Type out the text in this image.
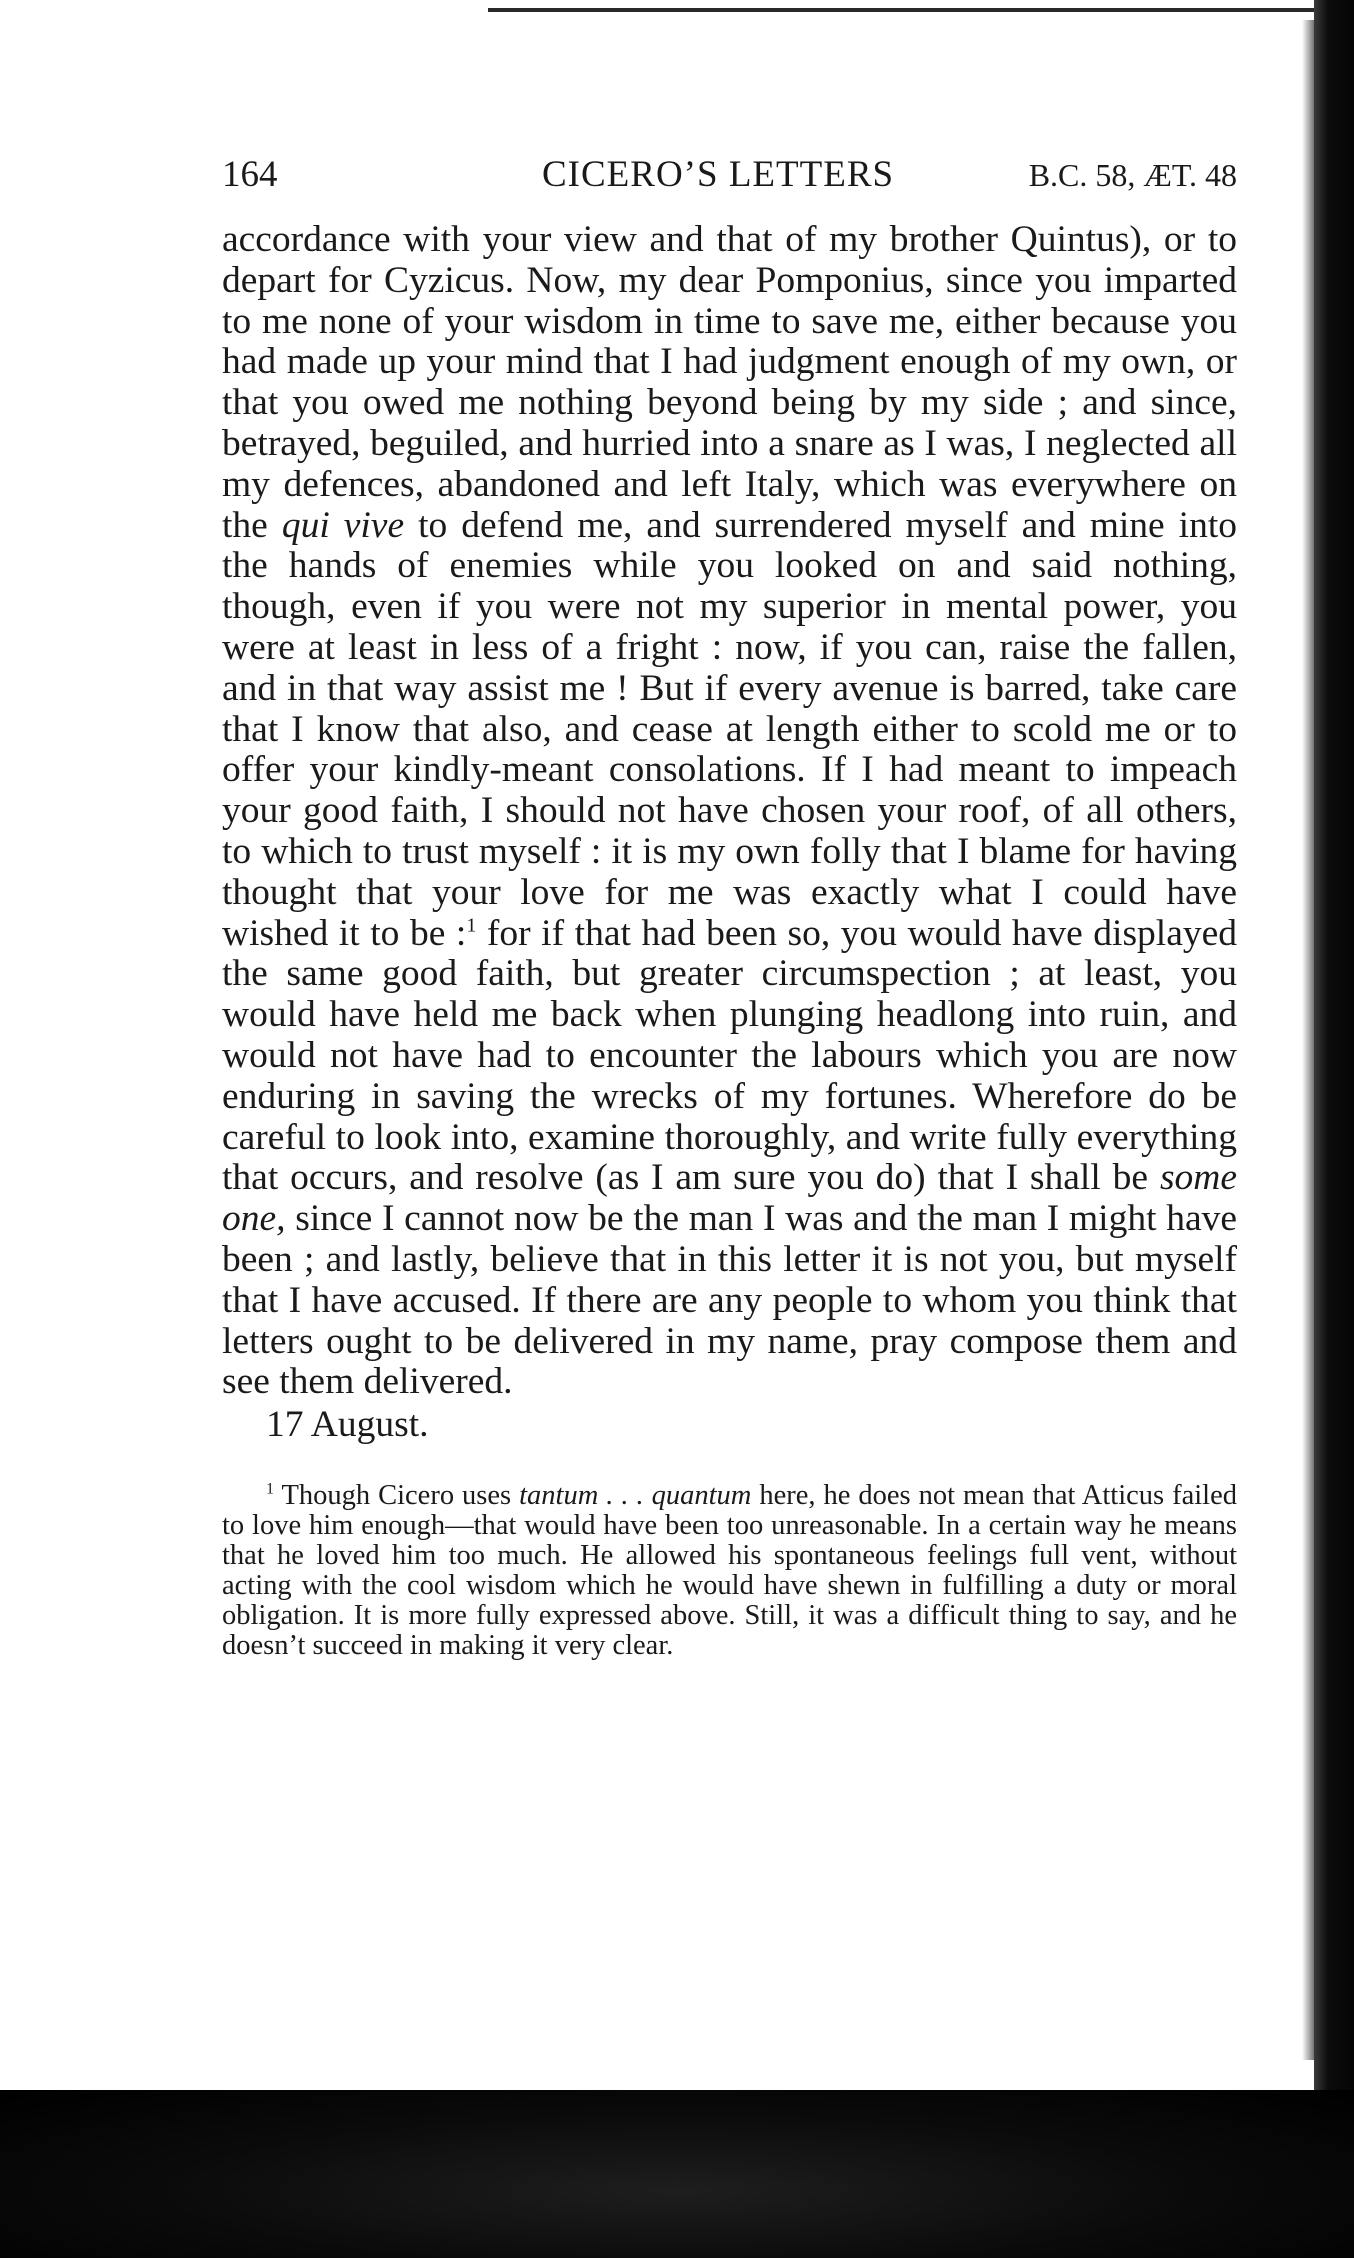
164	CICERO’S LETTERS	B.C. 58, ÆT. 48

accordance with your view and that of my brother Quintus), or to depart for Cyzicus. Now, my dear Pomponius, since you imparted to me none of your wisdom in time to save me, either because you had made up your mind that I had judgment enough of my own, or that you owed me nothing beyond being by my side ; and since, betrayed, beguiled, and hurried into a snare as I was, I neglected all my defences, abandoned and left Italy, which was everywhere on the qui vive to defend me, and surrendered myself and mine into the hands of enemies while you looked on and said nothing, though, even if you were not my superior in mental power, you were at least in less of a fright : now, if you can, raise the fallen, and in that way assist me ! But if every avenue is barred, take care that I know that also, and cease at length either to scold me or to offer your kindly-meant consolations. If I had meant to impeach your good faith, I should not have chosen your roof, of all others, to which to trust myself : it is my own folly that I blame for having thought that your love for me was exactly what I could have wished it to be :$^1$ for if that had been so, you would have displayed the same good faith, but greater circumspection ; at least, you would have held me back when plunging headlong into ruin, and would not have had to encounter the labours which you are now enduring in saving the wrecks of my fortunes. Wherefore do be careful to look into, examine thoroughly, and write fully everything that occurs, and resolve (as I am sure you do) that I shall be some one, since I cannot now be the man I was and the man I might have been ; and lastly, believe that in this letter it is not you, but myself that I have accused. If there are any people to whom you think that letters ought to be delivered in my name, pray compose them and see them delivered.

17 August.

$^1$ Though Cicero uses tantum . . . quantum here, he does not mean that Atticus failed to love him enough—that would have been too unreasonable. In a certain way he means that he loved him too much. He allowed his spontaneous feelings full vent, without acting with the cool wisdom which he would have shewn in fulfilling a duty or moral obligation. It is more fully expressed above. Still, it was a difficult thing to say, and he doesn’t succeed in making it very clear.
